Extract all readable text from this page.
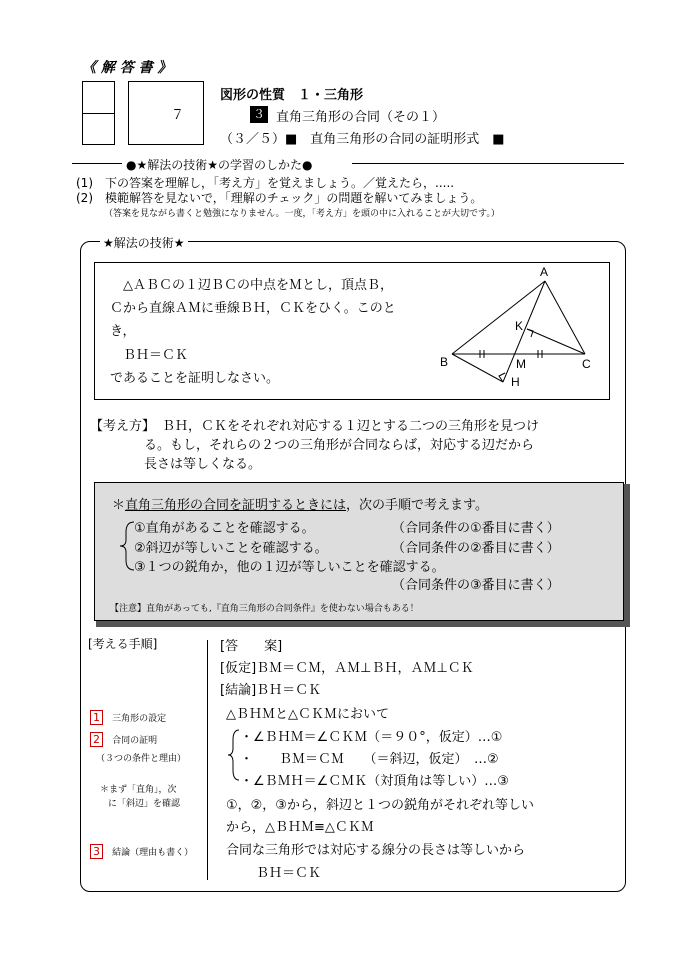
《 解 答 書 》
７
図形の性質　１・三角形
３ 直角三角形の合同（その１）
（３／５）■　直角三角形の合同の証明形式　■
●★解法の技術★の学習のしかた●
(1)　下の答案を理解し，「考え方」を覚えましょう。／覚えたら，.....
(2)　模範解答を見ないで，「理解のチェック」の問題を解いてみましょう。
（答案を見ながら書くと勉強になりません。一度，「考え方」を頭の中に入れることが大切です。）
★解法の技術★
　△ＡＢＣの１辺ＢＣの中点をＭとし，頂点Ｂ，
Ｃから直線ＡＭに垂線ＢＨ，ＣＫをひく。このと
き，
　ＢＨ＝ＣＫ
であることを証明しなさい。
A
B	C
K
M
H
【考え方】 ＢＨ，ＣＫをそれぞれ対応する１辺とする二つの三角形を見つけ
る。もし，それらの２つの三角形が合同ならば，対応する辺だから
長さは等しくなる。
＊直角三角形の合同を証明するときには，次の手順で考えます。
①直角があることを確認する。	（合同条件の①番目に書く）
②斜辺が等しいことを確認する。	（合同条件の②番目に書く）
③１つの鋭角か，他の１辺が等しいことを確認する。
（合同条件の③番目に書く）
【注意】直角があっても,『直角三角形の合同条件』を使わない場合もある！
[考える手順]
1 三角形の設定
2 合同の証明
（３つの条件と理由）
＊まず「直角」，次
に「斜辺」を確認
3 結論（理由も書く）
[答　　案]
[仮定]ＢＭ＝ＣＭ，ＡＭ⊥ＢＨ，ＡＭ⊥ＣＫ
[結論]ＢＨ＝ＣＫ
△ＢＨＭと△ＣＫＭにおいて
・∠ＢＨＭ＝∠ＣＫＭ（＝９０°，仮定）…①
・　　ＢＭ＝ＣＭ　　（＝斜辺，仮定）　…②
・∠ＢＭＨ＝∠ＣＭＫ（対頂角は等しい）…③
①，②，③から，斜辺と１つの鋭角がそれぞれ等しい
から，△ＢＨＭ≡△ＣＫＭ
合同な三角形では対応する線分の長さは等しいから
ＢＨ＝ＣＫ
